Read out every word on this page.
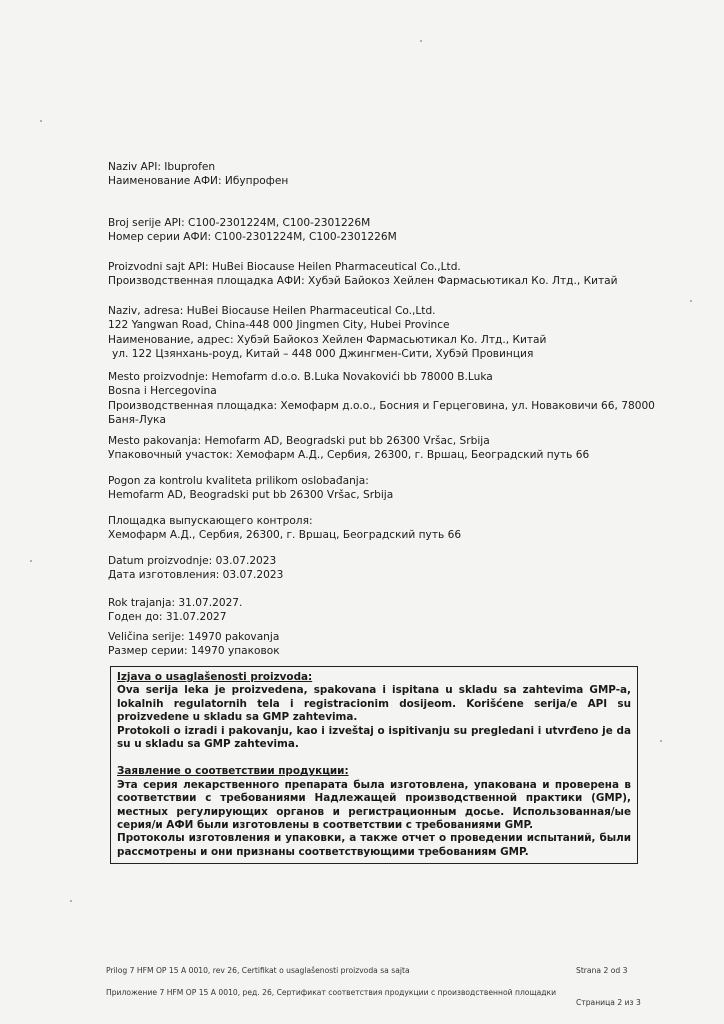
Naziv API: Ibuprofen
Наименование АФИ: Ибупрофен
Broj serije API: C100-2301224M, C100-2301226M
Номер серии АФИ: C100-2301224M, C100-2301226M
Proizvodni sajt API: HuBei Biocause Heilen Pharmaceutical Co.,Ltd.
Производственная площадка АФИ: Хубэй Байокоз Хейлен Фармасьютикал Ко. Лтд., Китай
Naziv, adresa: HuBei Biocause Heilen Pharmaceutical Co.,Ltd.
122 Yangwan Road, China-448 000 Jingmen City, Hubei Province
Наименование, адрес: Хубэй Байокоз Хейлен Фармасьютикал Ко. Лтд., Китай
ул. 122 Цзянхань-роуд, Китай – 448 000 Джингмен-Сити, Хубэй Провинция
Mesto proizvodnje: Hemofarm d.o.o. B.Luka Novakovići bb 78000 B.Luka
Bosna i Hercegovina
Производственная площадка: Хемофарм д.о.о., Босния и Герцеговина, ул. Новаковичи 66, 78000
Баня-Лука
Mesto pakovanja: Hemofarm AD, Beogradski put bb 26300 Vršac, Srbija
Упаковочный участок: Хемофарм А.Д., Сербия, 26300, г. Вршац, Београдский путь 66
Pogon za kontrolu kvaliteta prilikom oslobađanja:
Hemofarm AD, Beogradski put bb 26300 Vršac, Srbija
Площадка выпускающего контроля:
Хемофарм А.Д., Сербия, 26300, г. Вршац, Београдский путь 66
Datum proizvodnje: 03.07.2023
Дата изготовления: 03.07.2023
Rok trajanja: 31.07.2027.
Годен до: 31.07.2027
Veličina serije: 14970 pakovanja
Размер серии: 14970 упаковок

Izjava o usaglašenosti proizvoda:

Ova serija leka je proizvedena, spakovana i ispitana u skladu sa zahtevima GMP-a, lokalnih regulatornih tela i registracionim dosijeom. Korišćene serija/e API su proizvedene u skladu sa GMP zahtevima.

Protokoli o izradi i pakovanju, kao i izveštaj o ispitivanju su pregledani i utvrđeno je da su u skladu sa GMP zahtevima.

Заявление о соответствии продукции:

Эта серия лекарственного препарата была изготовлена, упакована и проверена в соответствии с требованиями Надлежащей производственной практики (GMP), местных регулирующих органов и регистрационным досье. Использованная/ые серия/и АФИ были изготовлены в соответствии с требованиями GMP.

Протоколы изготовления и упаковки, а также отчет о проведении испытаний, были рассмотрены и они признаны соответствующими требованиям GMP.

Prilog 7 HFM OP 15 A 0010, rev 26, Certifikat o usaglašenosti proizvoda sa sajta	Strana 2 od 3
Приложение 7 НFM OP 15 A 0010, ред. 26, Сертификат соответствия продукции с производственной площадки
Страница 2 из 3
